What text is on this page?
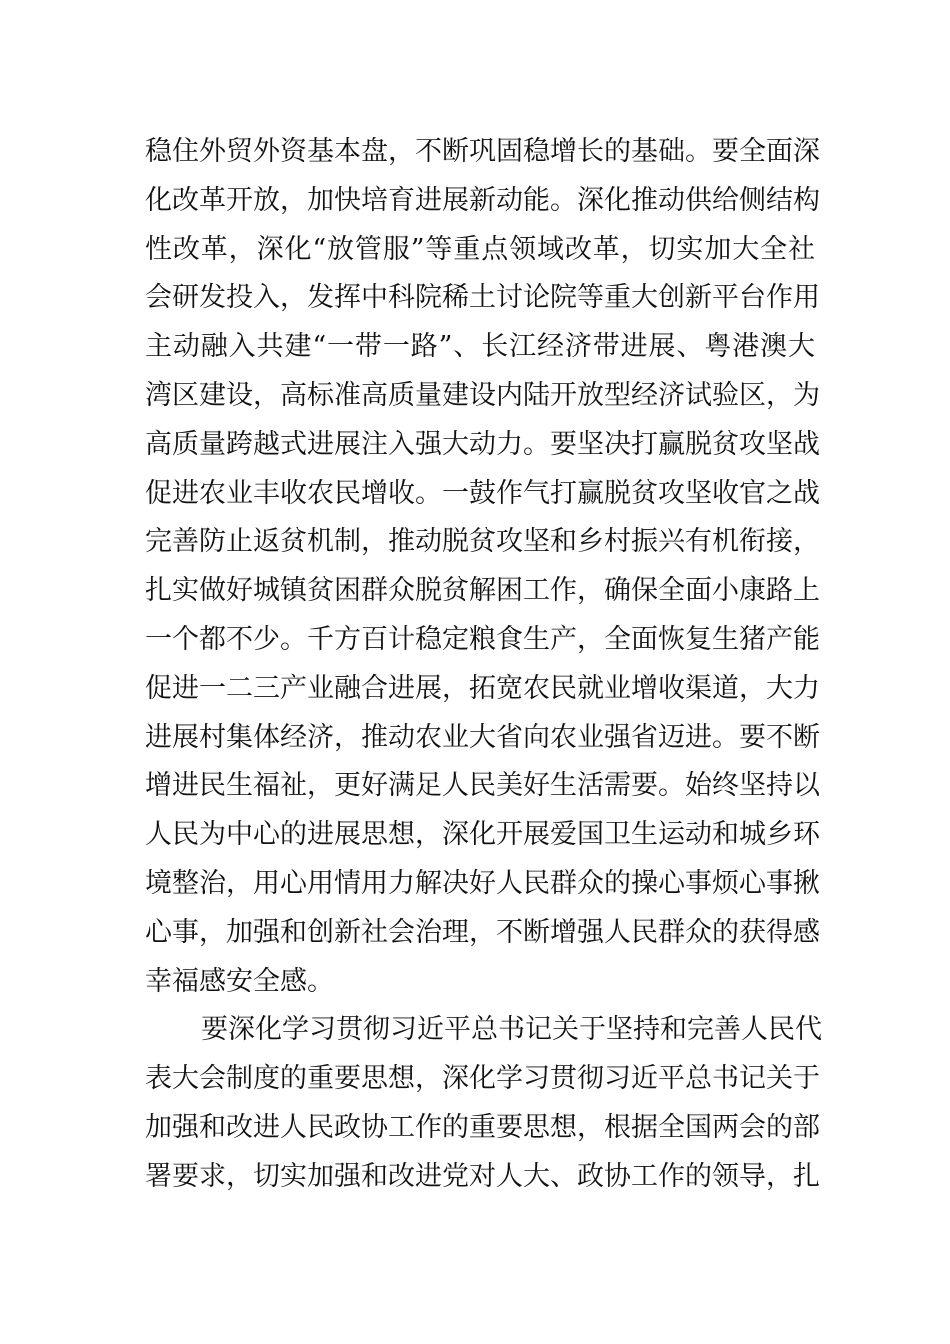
稳住外贸外资基本盘，不断巩固稳增长的基础。要全面深
化改革开放，加快培育进展新动能。深化推动供给侧结构
性改革，深化“放管服”等重点领域改革，切实加大全社
会研发投入，发挥中科院稀土讨论院等重大创新平台作用
主动融入共建“一带一路”、长江经济带进展、粤港澳大
湾区建设，高标准高质量建设内陆开放型经济试验区，为
高质量跨越式进展注入强大动力。要坚决打赢脱贫攻坚战
促进农业丰收农民增收。一鼓作气打赢脱贫攻坚收官之战
完善防止返贫机制，推动脱贫攻坚和乡村振兴有机衔接，
扎实做好城镇贫困群众脱贫解困工作，确保全面小康路上
一个都不少。千方百计稳定粮食生产，全面恢复生猪产能
促进一二三产业融合进展，拓宽农民就业增收渠道，大力
进展村集体经济，推动农业大省向农业强省迈进。要不断
增进民生福祉，更好满足人民美好生活需要。始终坚持以
人民为中心的进展思想，深化开展爱国卫生运动和城乡环
境整治，用心用情用力解决好人民群众的操心事烦心事揪
心事，加强和创新社会治理，不断增强人民群众的获得感
幸福感安全感。
要深化学习贯彻习近平总书记关于坚持和完善人民代
表大会制度的重要思想，深化学习贯彻习近平总书记关于
加强和改进人民政协工作的重要思想，根据全国两会的部
署要求，切实加强和改进党对人大、政协工作的领导，扎
